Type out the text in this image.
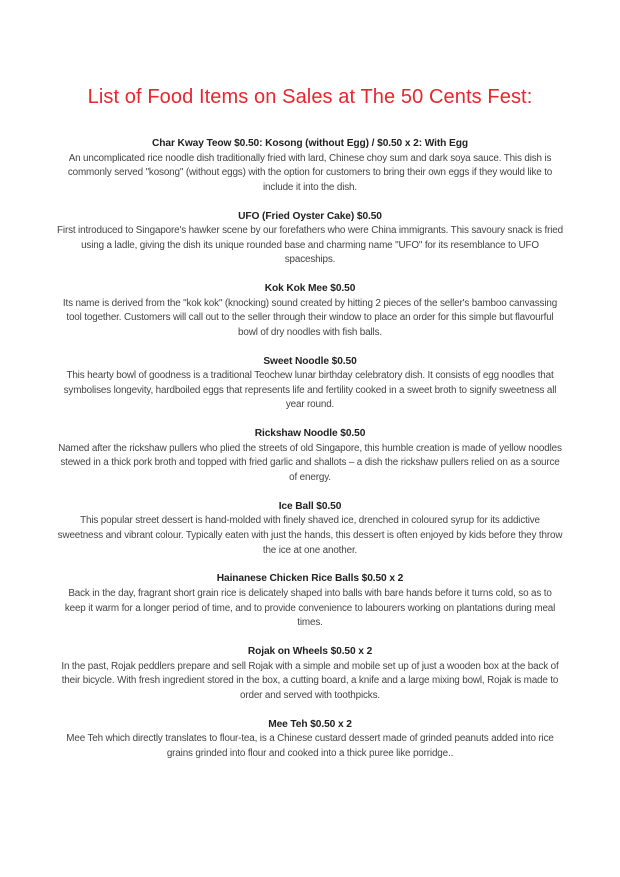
List of Food Items on Sales at The 50 Cents Fest:
Char Kway Teow $0.50: Kosong (without Egg) / $0.50 x 2: With Egg
An uncomplicated rice noodle dish traditionally fried with lard, Chinese choy sum and dark soya sauce. This dish is commonly served "kosong" (without eggs) with the option for customers to bring their own eggs if they would like to include it into the dish.
UFO (Fried Oyster Cake) $0.50
First introduced to Singapore's hawker scene by our forefathers who were China immigrants. This savoury snack is fried using a ladle, giving the dish its unique rounded base and charming name "UFO" for its resemblance to UFO spaceships.
Kok Kok Mee $0.50
Its name is derived from the "kok kok" (knocking) sound created by hitting 2 pieces of the seller's bamboo canvassing tool together. Customers will call out to the seller through their window to place an order for this simple but flavourful bowl of dry noodles with fish balls.
Sweet Noodle $0.50
This hearty bowl of goodness is a traditional Teochew lunar birthday celebratory dish. It consists of egg noodles that symbolises longevity, hardboiled eggs that represents life and fertility cooked in a sweet broth to signify sweetness all year round.
Rickshaw Noodle $0.50
Named after the rickshaw pullers who plied the streets of old Singapore, this humble creation is made of yellow noodles stewed in a thick pork broth and topped with fried garlic and shallots – a dish the rickshaw pullers relied on as a source of energy.
Ice Ball $0.50
This popular street dessert is hand-molded with finely shaved ice, drenched in coloured syrup for its addictive sweetness and vibrant colour. Typically eaten with just the hands, this dessert is often enjoyed by kids before they throw the ice at one another.
Hainanese Chicken Rice Balls $0.50 x 2
Back in the day, fragrant short grain rice is delicately shaped into balls with bare hands before it turns cold, so as to keep it warm for a longer period of time, and to provide convenience to labourers working on plantations during meal times.
Rojak on Wheels $0.50 x 2
In the past, Rojak peddlers prepare and sell Rojak with a simple and mobile set up of just a wooden box at the back of their bicycle. With fresh ingredient stored in the box, a cutting board, a knife and a large mixing bowl, Rojak is made to order and served with toothpicks.
Mee Teh $0.50 x 2
Mee Teh which directly translates to flour-tea, is a Chinese custard dessert made of grinded peanuts added into rice grains grinded into flour and cooked into a thick puree like porridge..
